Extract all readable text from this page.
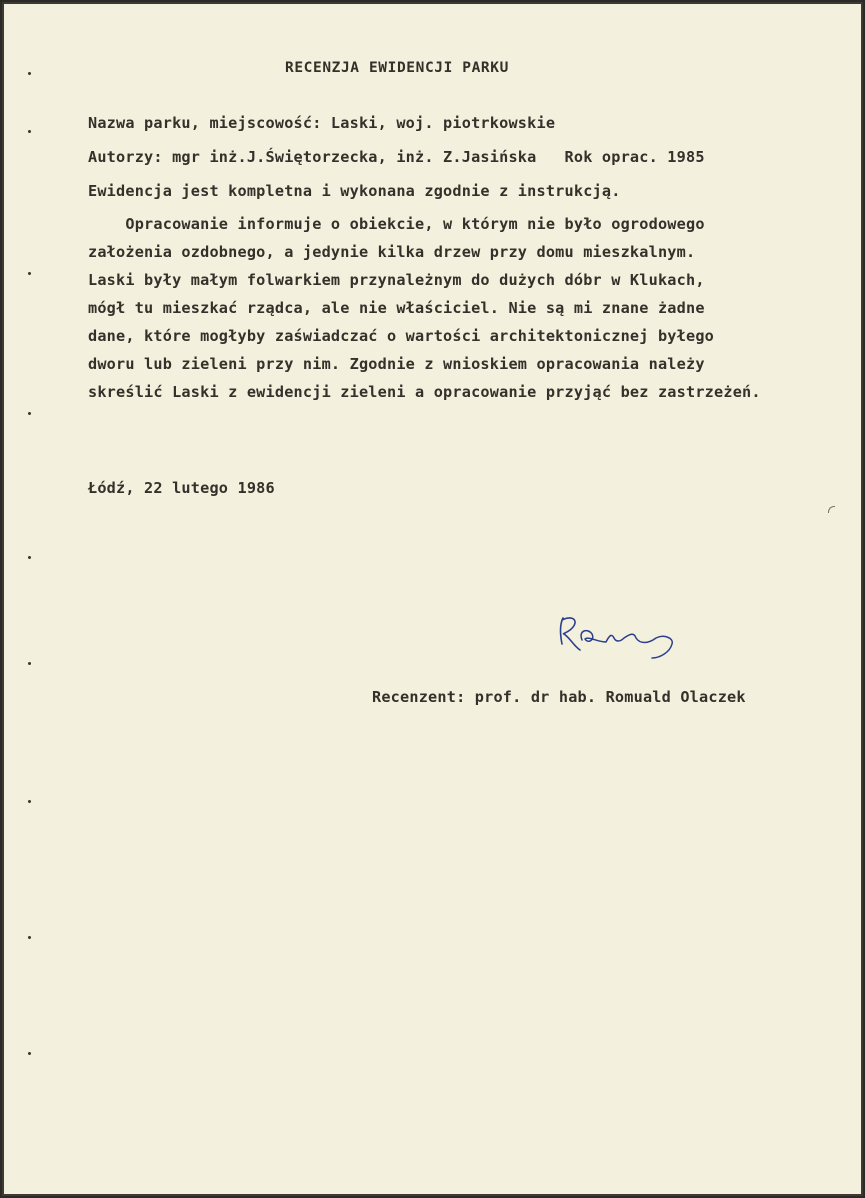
RECENZJA EWIDENCJI PARKU
Nazwa parku, miejscowość: Laski, woj. piotrkowskie
Autorzy: mgr inż.J.Świętorzecka, inż. Z.Jasińska   Rok oprac. 1985
Ewidencja jest kompletna i wykonana zgodnie z instrukcją.
Opracowanie informuje o obiekcie, w którym nie było ogrodowego
założenia ozdobnego, a jedynie kilka drzew przy domu mieszkalnym.
Laski były małym folwarkiem przynależnym do dużych dóbr w Klukach,
mógł tu mieszkać rządca, ale nie właściciel. Nie są mi znane żadne
dane, które mogłyby zaświadczać o wartości architektonicznej byłego
dworu lub zieleni przy nim. Zgodnie z wnioskiem opracowania należy
skreślić Laski z ewidencji zieleni a opracowanie przyjąć bez zastrzeżeń.
Łódź, 22 lutego 1986
Recenzent: prof. dr hab. Romuald Olaczek
